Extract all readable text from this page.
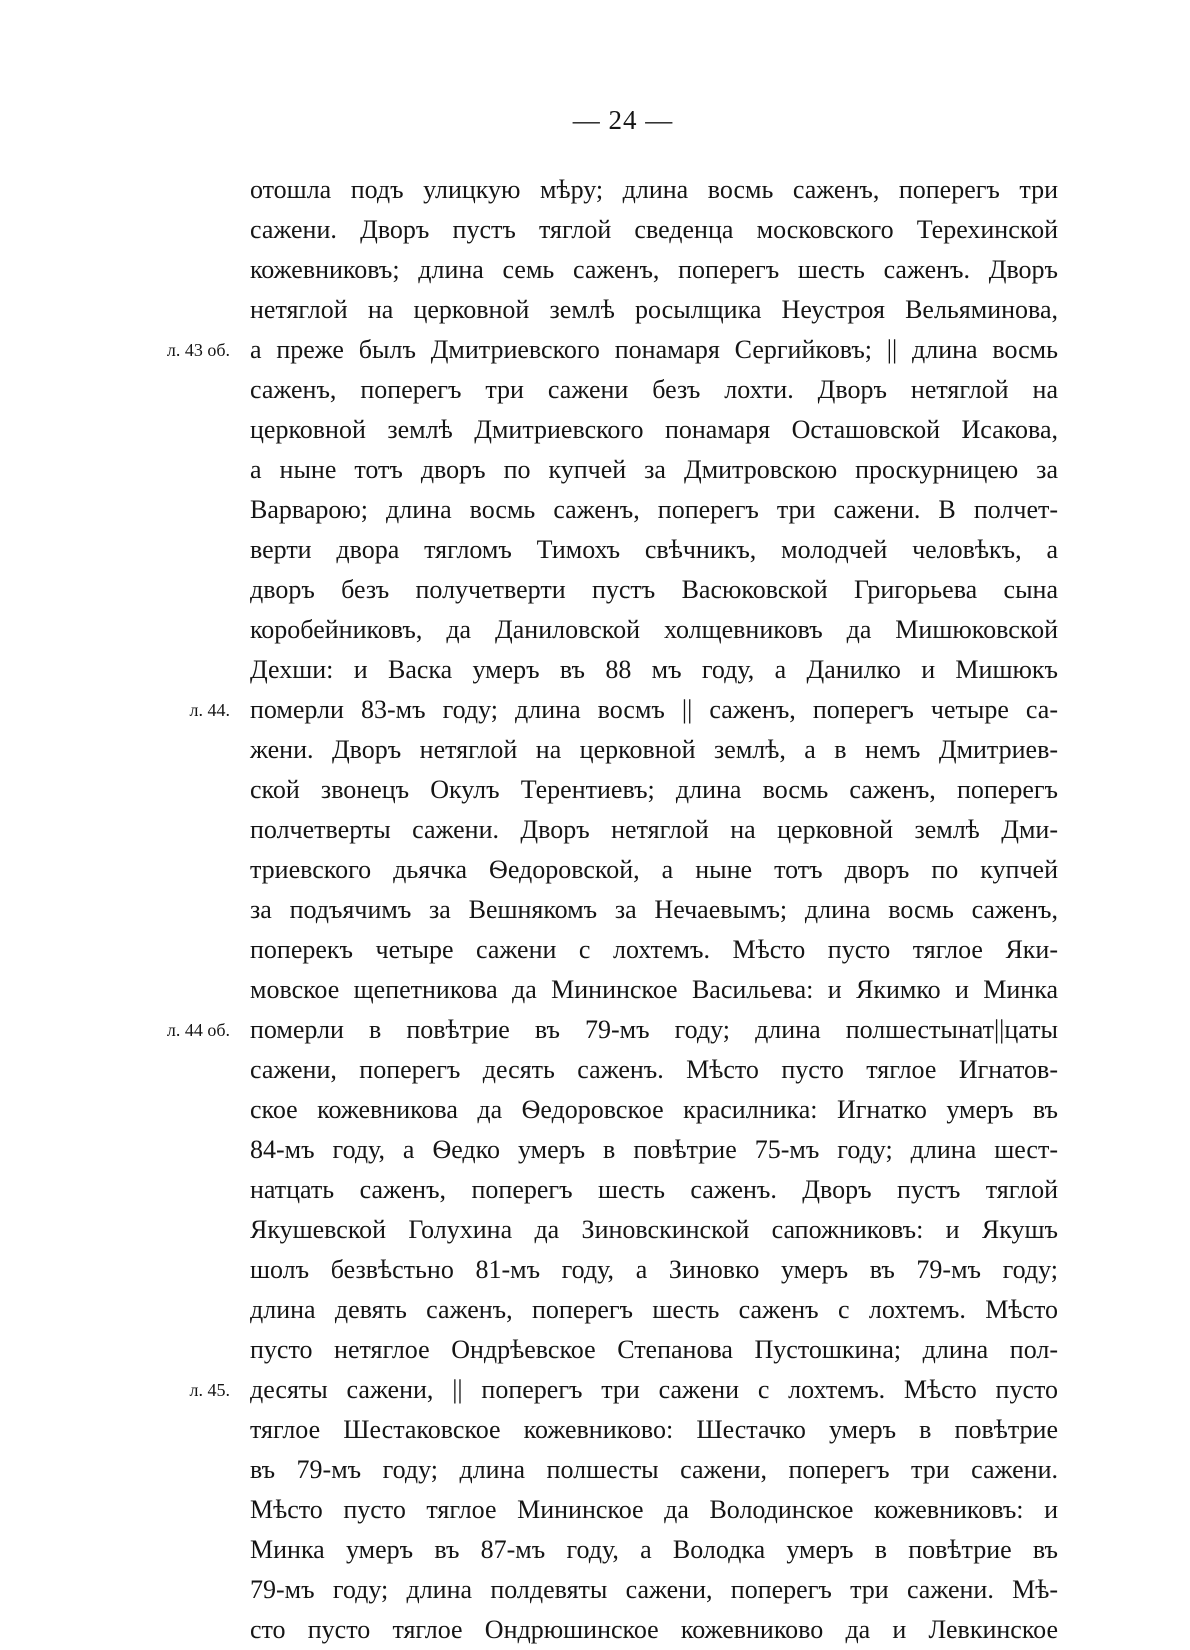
— 24 —
отошла подъ улицкую мѣру; длина восмь саженъ, поперегъ три
сажени. Дворъ пустъ тяглой сведенца московского Терехинской
кожевниковъ; длина семь саженъ, поперегъ шесть саженъ. Дворъ
нетяглой на церковной землѣ росылщика Неустроя Вельяминова,
а преже былъ Дмитриевского понамаря Сергийковъ; || длина восмь
саженъ, поперегъ три сажени безъ лохти. Дворъ нетяглой на
церковной землѣ Дмитриевского понамаря Осташовской Исакова,
а ныне тотъ дворъ по купчей за Дмитровскою проскурницею за
Варварою; длина восмь саженъ, поперегъ три сажени. В полчет-
верти двора тягломъ Тимохъ свѣчникъ, молодчей человѣкъ, а
дворъ безъ получетверти пустъ Васюковской Григорьева сына
коробейниковъ, да Даниловской холщевниковъ да Мишюковской
Дехши: и Васка умеръ въ 88 мъ году, а Данилко и Мишюкъ
померли 83-мъ году; длина восмъ || саженъ, поперегъ четыре са-
жени. Дворъ нетяглой на церковной землѣ, а в немъ Дмитриев-
ской звонецъ Окулъ Терентиевъ; длина восмь саженъ, поперегъ
полчетверты сажени. Дворъ нетяглой на церковной землѣ Дми-
триевского дьячка Ѳедоровской, а ныне тотъ дворъ по купчей
за подъячимъ за Вешнякомъ за Нечаевымъ; длина восмь саженъ,
поперекъ четыре сажени с лохтемъ. Мѣсто пусто тяглое Яки-
мовское щепетникова да Мининское Васильева: и Якимко и Минка
померли в повѣтрие въ 79-мъ году; длина полшестынат||цаты
сажени, поперегъ десять саженъ. Мѣсто пусто тяглое Игнатов-
ское кожевникова да Ѳедоровское красилника: Игнатко умеръ въ
84-мъ году, а Ѳедко умеръ в повѣтрие 75-мъ году; длина шест-
натцать саженъ, поперегъ шесть саженъ. Дворъ пустъ тяглой
Якушевской Голухина да Зиновскинской сапожниковъ: и Якушъ
шолъ безвѣстьно 81-мъ году, а Зиновко умеръ въ 79-мъ году;
длина девять саженъ, поперегъ шесть саженъ с лохтемъ. Мѣсто
пусто нетяглое Ондрѣевское Степанова Пустошкина; длина пол-
десяты сажени, || поперегъ три сажени с лохтемъ. Мѣсто пусто
тяглое Шестаковское кожевниково: Шестачко умеръ в повѣтрие
въ 79-мъ году; длина полшесты сажени, поперегъ три сажени.
Мѣсто пусто тяглое Мининское да Володинское кожевниковъ: и
Минка умеръ въ 87-мъ году, а Володка умеръ в повѣтрие въ
79-мъ году; длина полдевяты сажени, поперегъ три сажени. Мѣ-
сто пусто тяглое Ондрюшинское кожевниково да и Левкинское
л. 43 об.
л. 44.
л. 44 об.
л. 45.
